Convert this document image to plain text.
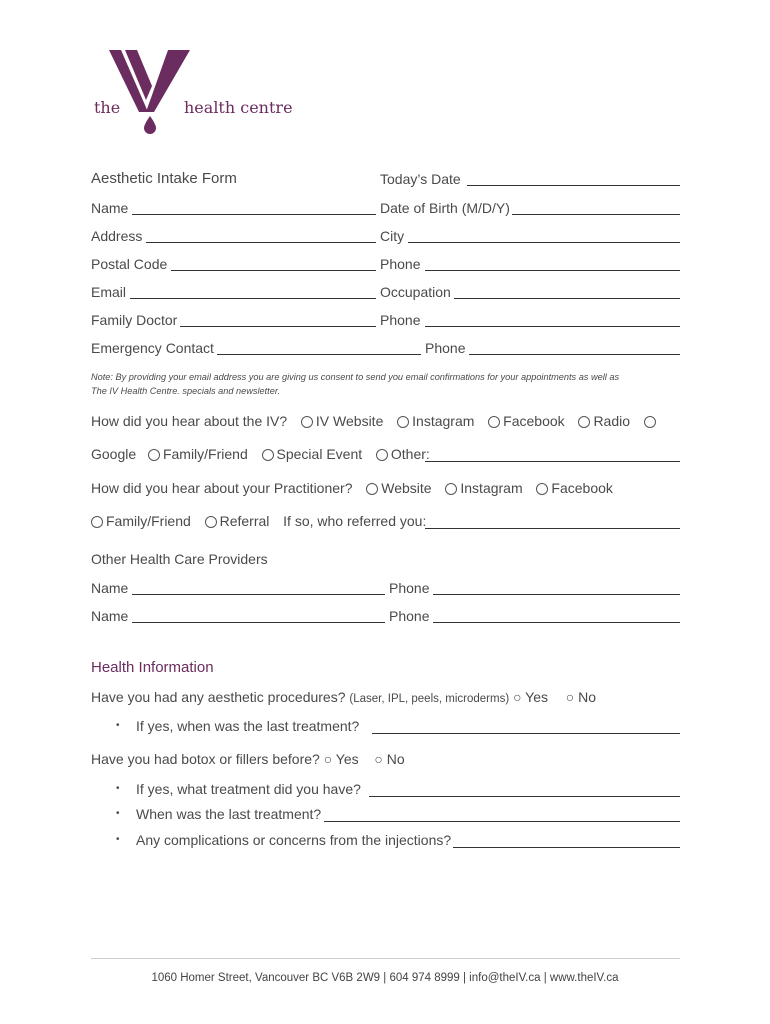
the	health centre
Aesthetic Intake Form	Today’s Date
Name	Date of Birth (M/D/Y)
Address	City
Postal Code	Phone
Email	Occupation
Family Doctor	Phone
Emergency Contact	Phone
Note: By providing your email address you are giving us consent to send you email confirmations for your appointments as well as
The IV Health Centre. specials and newsletter.
How did you hear about the IV? IV Website Instagram Facebook Radio
Google Family/Friend Special Event Other:
How did you hear about your Practitioner? Website Instagram Facebook
Family/Friend Referral If so, who referred you:
Other Health Care Providers
Name	Phone
Name	Phone
Health Information
Have you had any aesthetic procedures? (Laser, IPL, peels, microderms) ○ Yes ○ No
• If yes, when was the last treatment?
Have you had botox or fillers before? ○ Yes ○ No
• If yes, what treatment did you have?
• When was the last treatment?
• Any complications or concerns from the injections?
1060 Homer Street, Vancouver BC V6B 2W9 | 604 974 8999 | info@theIV.ca | www.theIV.ca
